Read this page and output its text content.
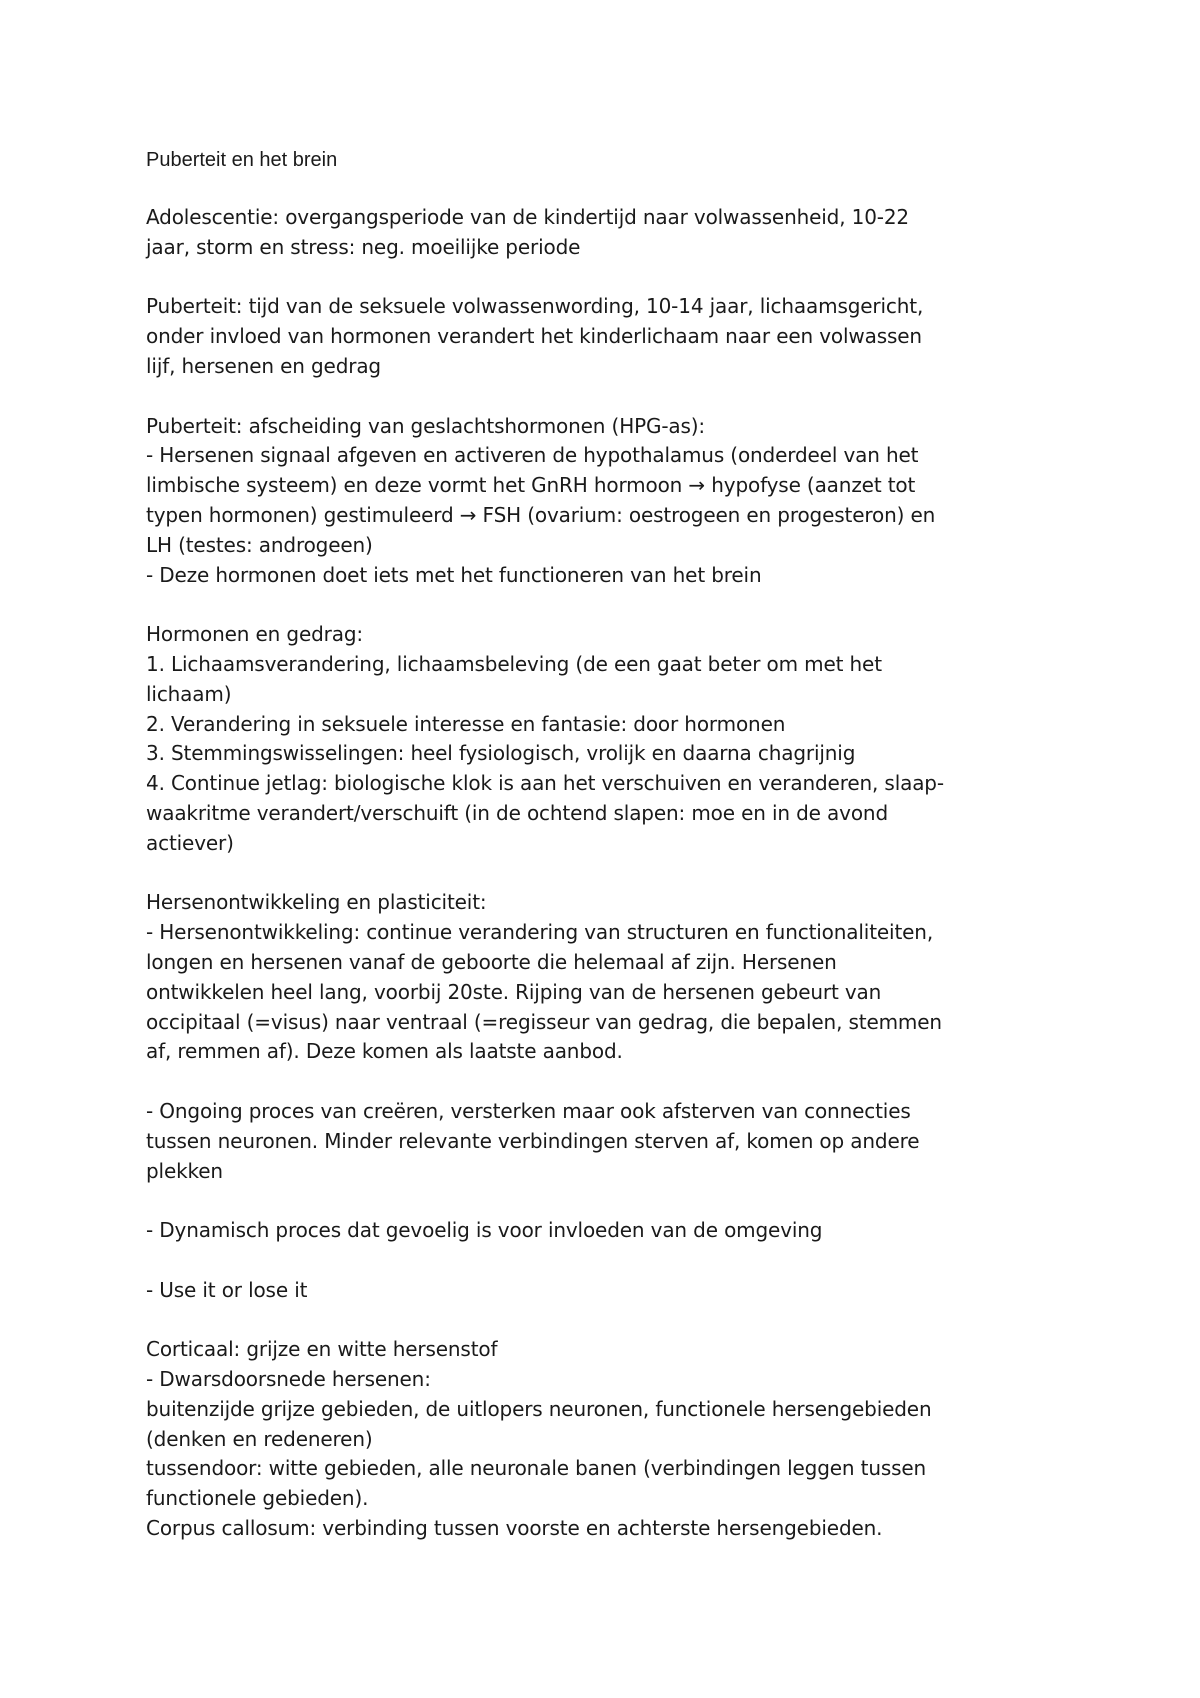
Puberteit en het brein
Adolescentie: overgangsperiode van de kindertijd naar volwassenheid, 10-22
jaar, storm en stress: neg. moeilijke periode
Puberteit: tijd van de seksuele volwassenwording, 10-14 jaar, lichaamsgericht,
onder invloed van hormonen verandert het kinderlichaam naar een volwassen
lijf, hersenen en gedrag
Puberteit: afscheiding van geslachtshormonen (HPG-as):
- Hersenen signaal afgeven en activeren de hypothalamus (onderdeel van het
limbische systeem) en deze vormt het GnRH hormoon → hypofyse (aanzet tot
typen hormonen) gestimuleerd → FSH (ovarium: oestrogeen en progesteron) en
LH (testes: androgeen)
- Deze hormonen doet iets met het functioneren van het brein
Hormonen en gedrag:
1. Lichaamsverandering, lichaamsbeleving (de een gaat beter om met het
lichaam)
2. Verandering in seksuele interesse en fantasie: door hormonen
3. Stemmingswisselingen: heel fysiologisch, vrolijk en daarna chagrijnig
4. Continue jetlag: biologische klok is aan het verschuiven en veranderen, slaap-
waakritme verandert/verschuift (in de ochtend slapen: moe en in de avond
actiever)
Hersenontwikkeling en plasticiteit:
- Hersenontwikkeling: continue verandering van structuren en functionaliteiten,
longen en hersenen vanaf de geboorte die helemaal af zijn. Hersenen
ontwikkelen heel lang, voorbij 20ste. Rijping van de hersenen gebeurt van
occipitaal (=visus) naar ventraal (=regisseur van gedrag, die bepalen, stemmen
af, remmen af). Deze komen als laatste aanbod.
- Ongoing proces van creëren, versterken maar ook afsterven van connecties
tussen neuronen. Minder relevante verbindingen sterven af, komen op andere
plekken
- Dynamisch proces dat gevoelig is voor invloeden van de omgeving
- Use it or lose it
Corticaal: grijze en witte hersenstof
- Dwarsdoorsnede hersenen:
buitenzijde grijze gebieden, de uitlopers neuronen, functionele hersengebieden
(denken en redeneren)
tussendoor: witte gebieden, alle neuronale banen (verbindingen leggen tussen
functionele gebieden).
Corpus callosum: verbinding tussen voorste en achterste hersengebieden.
